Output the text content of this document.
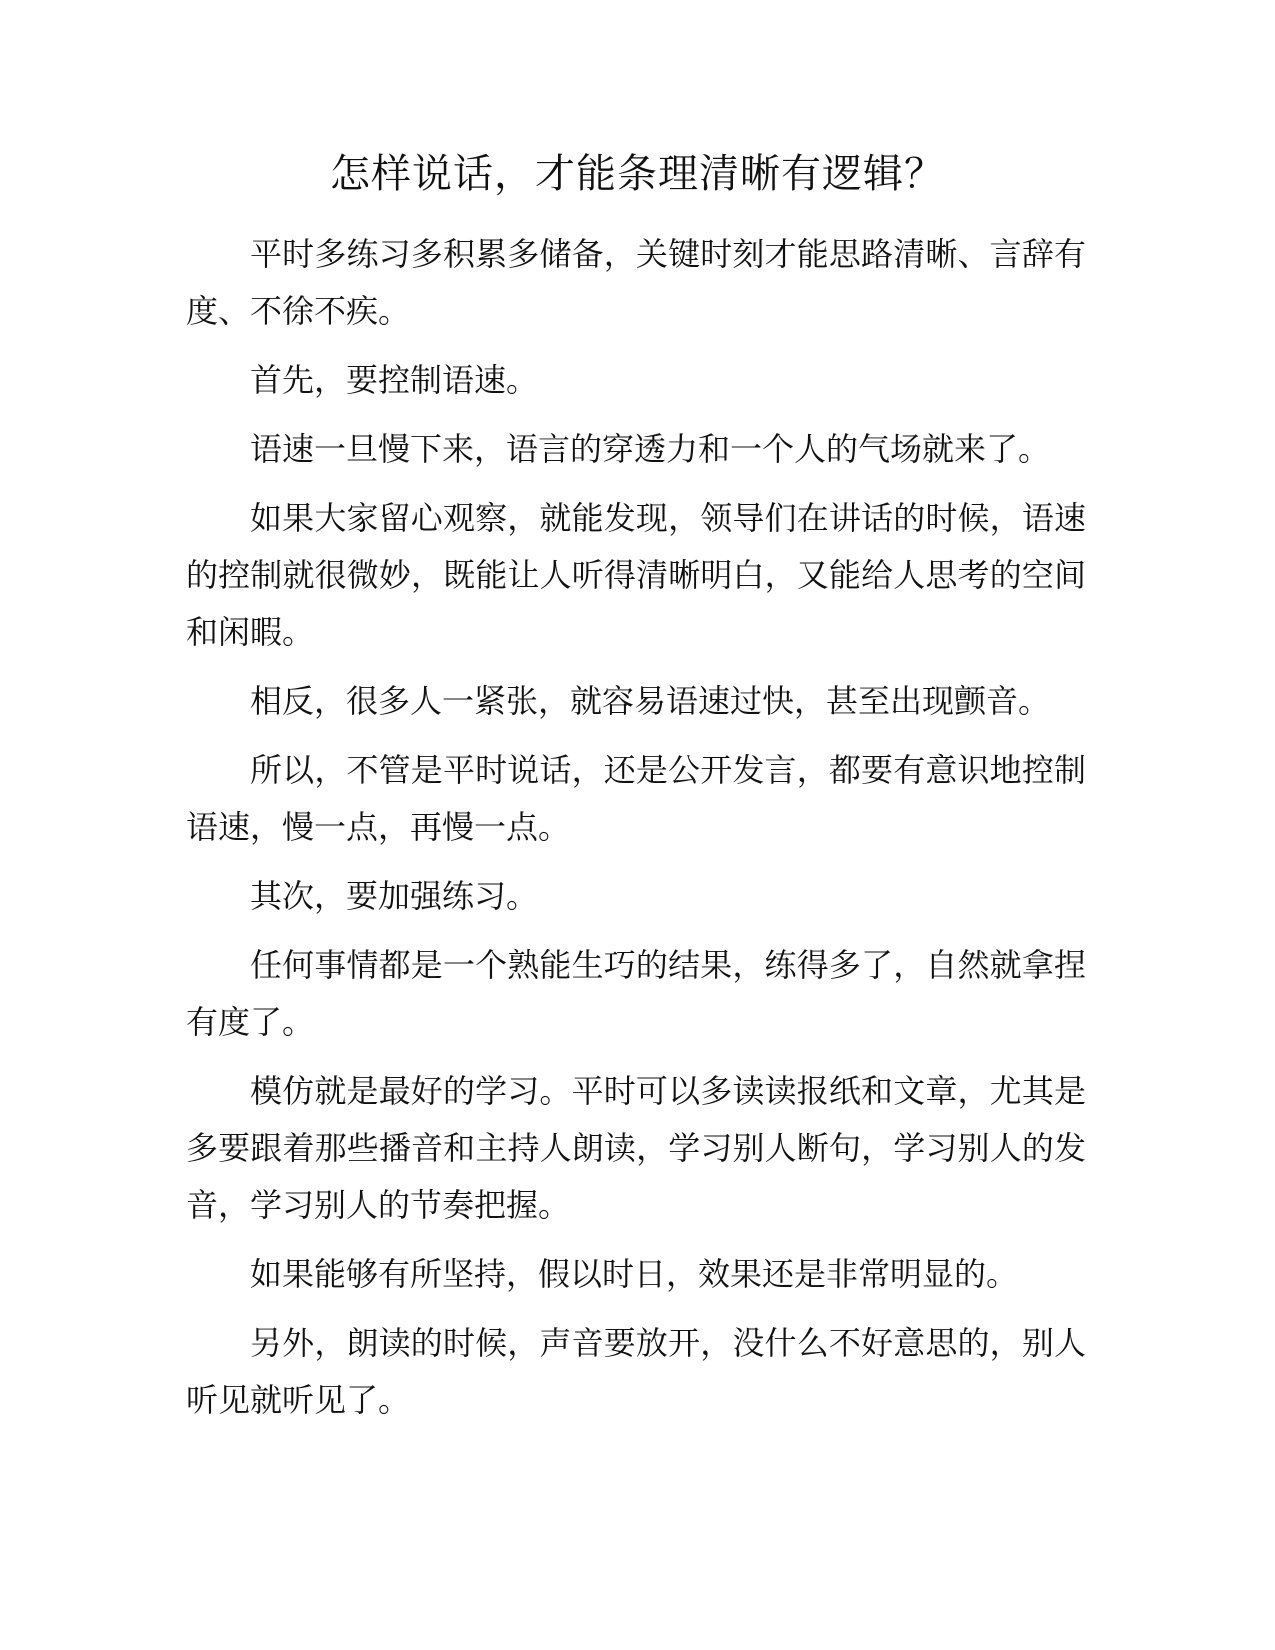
怎样说话，才能条理清晰有逻辑？

平时多练习多积累多储备，关键时刻才能思路清晰、言辞有度、不徐不疾。

首先，要控制语速。

语速一旦慢下来，语言的穿透力和一个人的气场就来了。

如果大家留心观察，就能发现，领导们在讲话的时候，语速的控制就很微妙，既能让人听得清晰明白，又能给人思考的空间和闲暇。

相反，很多人一紧张，就容易语速过快，甚至出现颤音。

所以，不管是平时说话，还是公开发言，都要有意识地控制语速，慢一点，再慢一点。

其次，要加强练习。

任何事情都是一个熟能生巧的结果，练得多了，自然就拿捏有度了。

模仿就是最好的学习。平时可以多读读报纸和文章，尤其是多要跟着那些播音和主持人朗读，学习别人断句，学习别人的发音，学习别人的节奏把握。

如果能够有所坚持，假以时日，效果还是非常明显的。

另外，朗读的时候，声音要放开，没什么不好意思的，别人听见就听见了。
